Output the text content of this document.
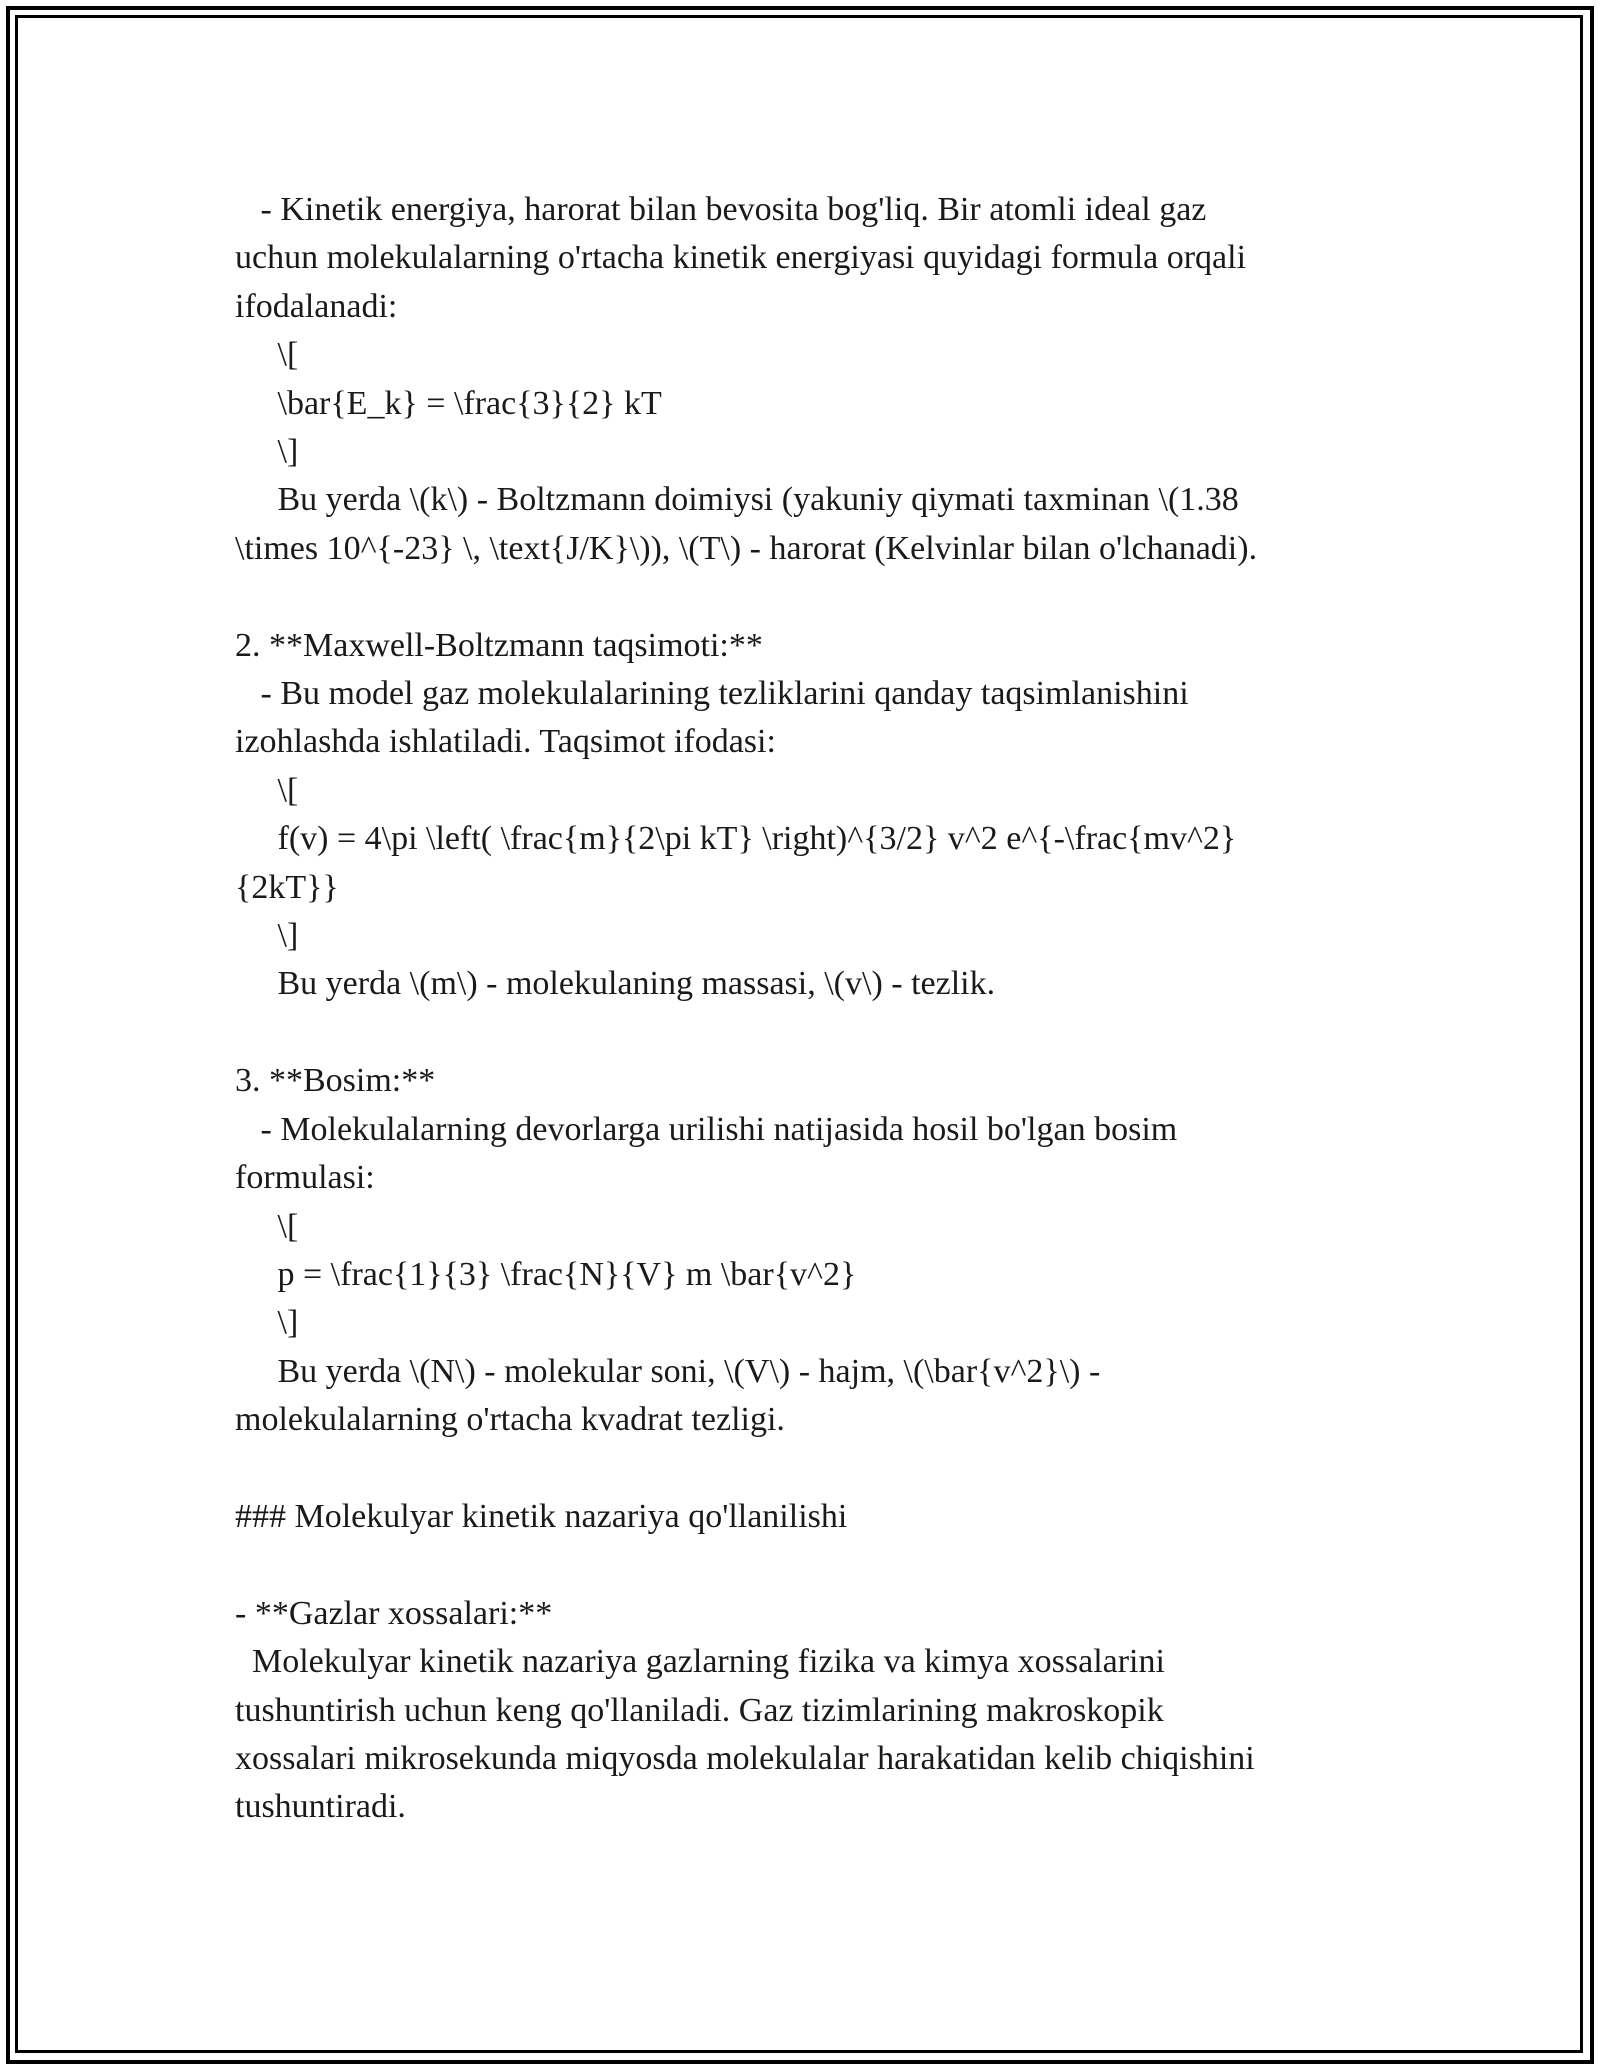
- Kinetik energiya, harorat bilan bevosita bog'liq. Bir atomli ideal gaz
uchun molekulalarning o'rtacha kinetik energiyasi quyidagi formula orqali
ifodalanadi:
\[
\bar{E_k} = \frac{3}{2} kT
\]
Bu yerda \(k\) - Boltzmann doimiysi (yakuniy qiymati taxminan \(1.38
\times 10^{-23} \, \text{J/K}\)), \(T\) - harorat (Kelvinlar bilan o'lchanadi).
2. **Maxwell-Boltzmann taqsimoti:**
- Bu model gaz molekulalarining tezliklarini qanday taqsimlanishini
izohlashda ishlatiladi. Taqsimot ifodasi:
\[
f(v) = 4\pi \left( \frac{m}{2\pi kT} \right)^{3/2} v^2 e^{-\frac{mv^2}
{2kT}}
\]
Bu yerda \(m\) - molekulaning massasi, \(v\) - tezlik.
3. **Bosim:**
- Molekulalarning devorlarga urilishi natijasida hosil bo'lgan bosim
formulasi:
\[
p = \frac{1}{3} \frac{N}{V} m \bar{v^2}
\]
Bu yerda \(N\) - molekular soni, \(V\) - hajm, \(\bar{v^2}\) -
molekulalarning o'rtacha kvadrat tezligi.
### Molekulyar kinetik nazariya qo'llanilishi
- **Gazlar xossalari:**
Molekulyar kinetik nazariya gazlarning fizika va kimya xossalarini
tushuntirish uchun keng qo'llaniladi. Gaz tizimlarining makroskopik
xossalari mikrosekunda miqyosda molekulalar harakatidan kelib chiqishini
tushuntiradi.
